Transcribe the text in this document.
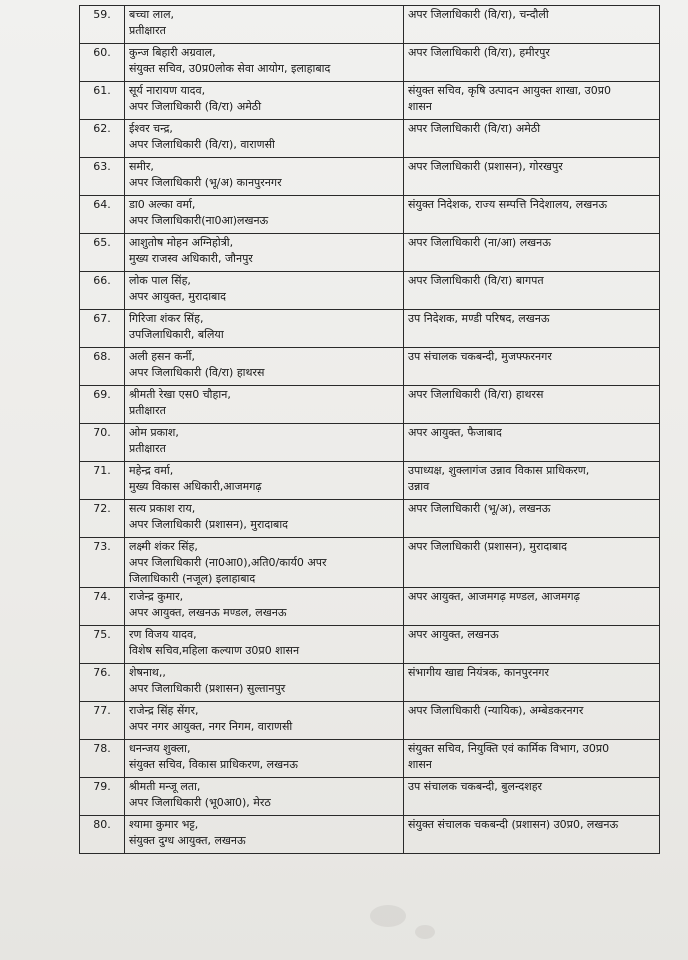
59.	बच्चा लाल,
प्रतीक्षारत	अपर जिलाधिकारी (वि/रा), चन्दौली

60.	कुन्ज बिहारी अग्रवाल,
संयुक्त सचिव, उ0प्र0लोक सेवा आयोग, इलाहाबाद	अपर जिलाधिकारी (वि/रा), हमीरपुर

61.	सूर्य नारायण यादव,
अपर जिलाधिकारी (वि/रा) अमेठी	संयुक्त सचिव, कृषि उत्पादन आयुक्त शाखा, उ0प्र0
शासन

62.	ईश्वर चन्द्र,
अपर जिलाधिकारी (वि/रा), वाराणसी	अपर जिलाधिकारी (वि/रा) अमेठी

63.	समीर,
अपर जिलाधिकारी (भू/अ) कानपुरनगर	अपर जिलाधिकारी (प्रशासन), गोरखपुर

64.	डा0 अल्का वर्मा,
अपर जिलाधिकारी(ना0आ)लखनऊ	संयुक्त निदेशक, राज्य सम्पत्ति निदेशालय, लखनऊ

65.	आशुतोष मोहन अग्निहोत्री,
मुख्य राजस्व अधिकारी, जौनपुर	अपर जिलाधिकारी (ना/आ) लखनऊ

66.	लोक पाल सिंह,
अपर आयुक्त, मुरादाबाद	अपर जिलाधिकारी (वि/रा) बागपत

67.	गिरिजा शंकर सिंह,
उपजिलाधिकारी, बलिया	उप निदेशक, मण्डी परिषद, लखनऊ

68.	अली हसन कर्नी,
अपर जिलाधिकारी (वि/रा) हाथरस	उप संचालक चकबन्दी, मुजफ्फरनगर

69.	श्रीमती रेखा एस0 चौहान,
प्रतीक्षारत	अपर जिलाधिकारी (वि/रा) हाथरस

70.	ओम प्रकाश,
प्रतीक्षारत	अपर आयुक्त, फैजाबाद

71.	महेन्द्र वर्मा,
मुख्य विकास अधिकारी,आजमगढ़	उपाध्यक्ष, शुक्लागंज उन्नाव विकास प्राधिकरण,
उन्नाव

72.	सत्य प्रकाश राय,
अपर जिलाधिकारी (प्रशासन), मुरादाबाद	अपर जिलाधिकारी (भू/अ), लखनऊ

73.	लक्ष्मी शंकर सिंह,
अपर जिलाधिकारी (ना0आ0),अति0/कार्य0 अपर
जिलाधिकारी (नजूल) इलाहाबाद	अपर जिलाधिकारी (प्रशासन), मुरादाबाद

74.	राजेन्द्र कुमार,
अपर आयुक्त, लखनऊ मण्डल, लखनऊ	अपर आयुक्त, आजमगढ़ मण्डल, आजमगढ़

75.	रण विजय यादव,
विशेष सचिव,महिला कल्याण उ0प्र0 शासन	अपर आयुक्त, लखनऊ

76.	शेषनाथ,,
अपर जिलाधिकारी (प्रशासन) सुल्तानपुर	संभागीय खाद्य नियंत्रक, कानपुरनगर

77.	राजेन्द्र सिंह सेंगर,
अपर नगर आयुक्त, नगर निगम, वाराणसी	अपर जिलाधिकारी (न्यायिक), अम्बेडकरनगर

78.	धनन्जय शुक्ला,
संयुक्त सचिव, विकास प्राधिकरण, लखनऊ	संयुक्त सचिव, नियुक्ति एवं कार्मिक विभाग, उ0प्र0
शासन

79.	श्रीमती मन्जू लता,
अपर जिलाधिकारी (भू0आ0), मेरठ	उप संचालक चकबन्दी, बुलन्दशहर

80.	श्यामा कुमार भट्ट,
संयुक्त दुग्ध आयुक्त, लखनऊ	संयुक्त संचालक चकबन्दी (प्रशासन) उ0प्र0, लखनऊ
